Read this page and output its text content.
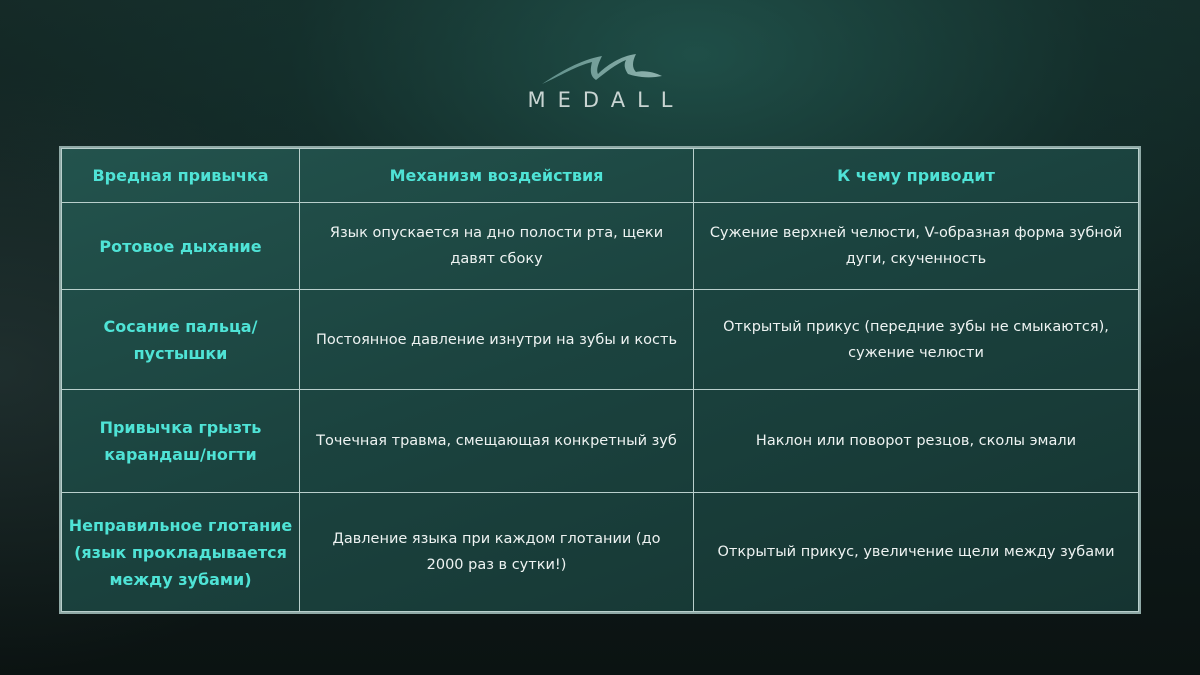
MEDALL
Вредная привычка	Механизм воздействия	К чему приводит
Ротовое дыхание	Язык опускается на дно полости рта, щеки давят сбоку	Сужение верхней челюсти, V-образная форма зубной дуги, скученность
Сосание пальца/пустышки	Постоянное давление изнутри на зубы и кость	Открытый прикус (передние зубы не смыкаются), сужение челюсти
Привычка грызть карандаш/ногти	Точечная травма, смещающая конкретный зуб	Наклон или поворот резцов, сколы эмали
Неправильное глотание (язык прокладывается между зубами)	Давление языка при каждом глотании (до 2000 раз в сутки!)	Открытый прикус, увеличение щели между зубами
